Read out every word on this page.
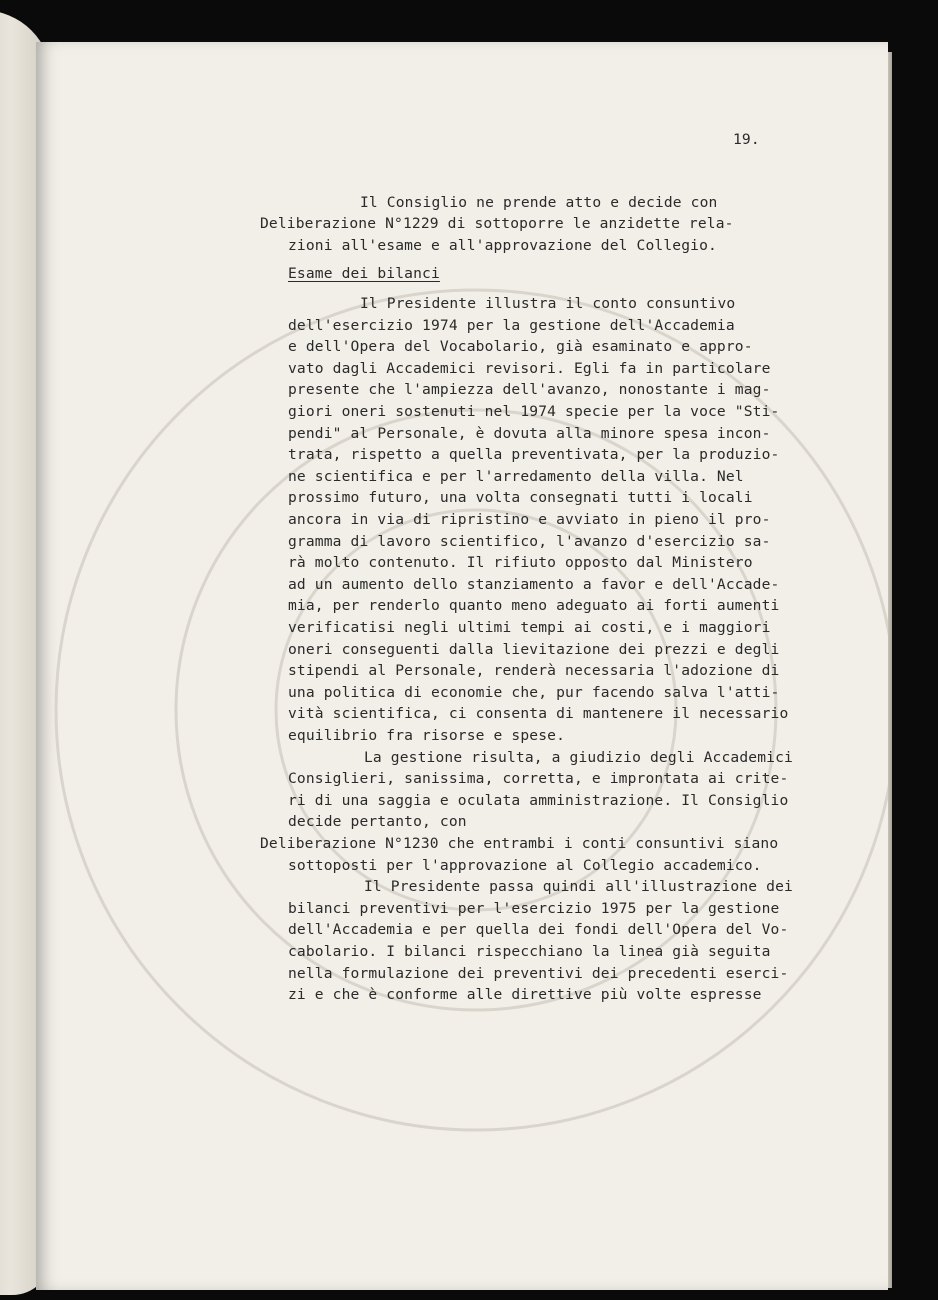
19.
Il Consiglio ne prende atto e decide con
Deliberazione N°1229 di sottoporre le anzidette rela-
zioni all'esame e all'approvazione del Collegio.
Esame dei bilanci
Il Presidente illustra il conto consuntivo
dell'esercizio 1974 per la gestione dell'Accademia
e dell'Opera del Vocabolario, già esaminato e appro-
vato dagli Accademici revisori. Egli fa in particolare
presente che l'ampiezza dell'avanzo, nonostante i mag-
giori oneri sostenuti nel 1974 specie per la voce "Sti-
pendi" al Personale, è dovuta alla minore spesa incon-
trata, rispetto a quella preventivata, per la produzio-
ne scientifica e per l'arredamento della villa. Nel
prossimo futuro, una volta consegnati tutti i locali
ancora in via di ripristino e avviato in pieno il pro-
gramma di lavoro scientifico, l'avanzo d'esercizio sa-
rà molto contenuto. Il rifiuto opposto dal Ministero
ad un aumento dello stanziamento a favor e dell'Accade-
mia, per renderlo quanto meno adeguato ai forti aumenti
verificatisi negli ultimi tempi ai costi, e i maggiori
oneri conseguenti dalla lievitazione dei prezzi e degli
stipendi al Personale, renderà necessaria l'adozione di
una politica di economie che, pur facendo salva l'atti-
vità scientifica, ci consenta di mantenere il necessario
equilibrio fra risorse e spese.
La gestione risulta, a giudizio degli Accademici
Consiglieri, sanissima, corretta, e improntata ai crite-
ri di una saggia e oculata amministrazione. Il Consiglio
decide pertanto, con
Deliberazione N°1230 che entrambi i conti consuntivi siano
sottoposti per l'approvazione al Collegio accademico.
Il Presidente passa quindi all'illustrazione dei
bilanci preventivi per l'esercizio 1975 per la gestione
dell'Accademia e per quella dei fondi dell'Opera del Vo-
cabolario. I bilanci rispecchiano la linea già seguita
nella formulazione dei preventivi dei precedenti eserci-
zi e che è conforme alle direttive più volte espresse
